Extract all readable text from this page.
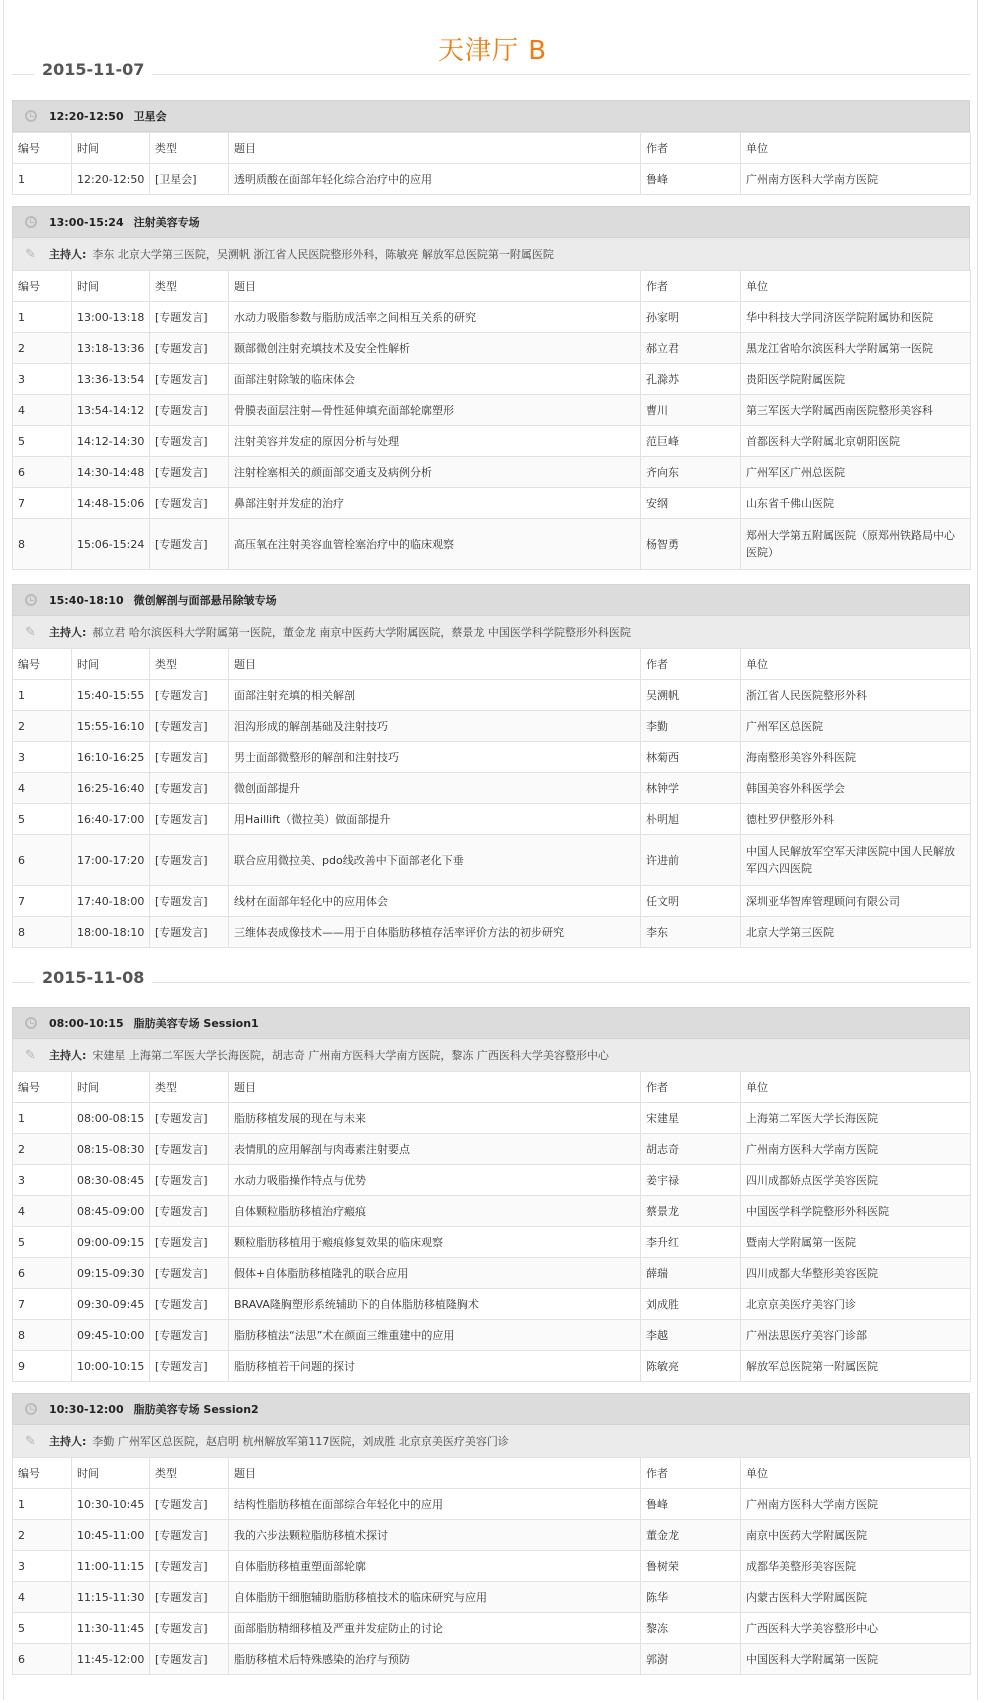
天津厅 B
2015-11-07
12:20-12:50 卫星会
编号	时间	类型	题目	作者	单位
1	12:20-12:50	[卫星会]	透明质酸在面部年轻化综合治疗中的应用	鲁峰	广州南方医科大学南方医院
13:00-15:24 注射美容专场
✎ 主持人: 李东 北京大学第三医院，吴溯帆 浙江省人民医院整形外科，陈敏亮 解放军总医院第一附属医院
编号	时间	类型	题目	作者	单位
1	13:00-13:18	[专题发言]	水动力吸脂参数与脂肪成活率之间相互关系的研究	孙家明	华中科技大学同济医学院附属协和医院
2	13:18-13:36	[专题发言]	颞部微创注射充填技术及安全性解析	郝立君	黑龙江省哈尔滨医科大学附属第一医院
3	13:36-13:54	[专题发言]	面部注射除皱的临床体会	孔滁苏	贵阳医学院附属医院
4	13:54-14:12	[专题发言]	骨膜表面层注射—骨性延伸填充面部轮廓塑形	曹川	第三军医大学附属西南医院整形美容科
5	14:12-14:30	[专题发言]	注射美容并发症的原因分析与处理	范巨峰	首都医科大学附属北京朝阳医院
6	14:30-14:48	[专题发言]	注射栓塞相关的颜面部交通支及病例分析	齐向东	广州军区广州总医院
7	14:48-15:06	[专题发言]	鼻部注射并发症的治疗	安纲	山东省千佛山医院
8	15:06-15:24	[专题发言]	高压氧在注射美容血管栓塞治疗中的临床观察	杨智勇	郑州大学第五附属医院（原郑州铁路局中心医院）
15:40-18:10 微创解剖与面部悬吊除皱专场
✎ 主持人: 郝立君 哈尔滨医科大学附属第一医院，董金龙 南京中医药大学附属医院，蔡景龙 中国医学科学院整形外科医院
编号	时间	类型	题目	作者	单位
1	15:40-15:55	[专题发言]	面部注射充填的相关解剖	吴溯帆	浙江省人民医院整形外科
2	15:55-16:10	[专题发言]	泪沟形成的解剖基础及注射技巧	李勤	广州军区总医院
3	16:10-16:25	[专题发言]	男士面部微整形的解剖和注射技巧	林菊西	海南整形美容外科医院
4	16:25-16:40	[专题发言]	微创面部提升	林钟学	韩国美容外科医学会
5	16:40-17:00	[专题发言]	用Haillift（微拉美）做面部提升	朴明旭	德杜罗伊整形外科
6	17:00-17:20	[专题发言]	联合应用微拉美、pdo线改善中下面部老化下垂	许进前	中国人民解放军空军天津医院中国人民解放军四六四医院
7	17:40-18:00	[专题发言]	线材在面部年轻化中的应用体会	任文明	深圳亚华智库管理顾问有限公司
8	18:00-18:10	[专题发言]	三维体表成像技术——用于自体脂肪移植存活率评价方法的初步研究	李东	北京大学第三医院
2015-11-08
08:00-10:15 脂肪美容专场 Session1
✎ 主持人: 宋建星 上海第二军医大学长海医院，胡志奇 广州南方医科大学南方医院，黎冻 广西医科大学美容整形中心
编号	时间	类型	题目	作者	单位
1	08:00-08:15	[专题发言]	脂肪移植发展的现在与未来	宋建星	上海第二军医大学长海医院
2	08:15-08:30	[专题发言]	表情肌的应用解剖与肉毒素注射要点	胡志奇	广州南方医科大学南方医院
3	08:30-08:45	[专题发言]	水动力吸脂操作特点与优势	姜宇禄	四川成都娇点医学美容医院
4	08:45-09:00	[专题发言]	自体颗粒脂肪移植治疗瘢痕	蔡景龙	中国医学科学院整形外科医院
5	09:00-09:15	[专题发言]	颗粒脂肪移植用于瘢痕修复效果的临床观察	李升红	暨南大学附属第一医院
6	09:15-09:30	[专题发言]	假体+自体脂肪移植隆乳的联合应用	薛瑞	四川成都大华整形美容医院
7	09:30-09:45	[专题发言]	BRAVA隆胸塑形系统辅助下的自体脂肪移植隆胸术	刘成胜	北京京美医疗美容门诊
8	09:45-10:00	[专题发言]	脂肪移植法“法思”术在颜面三维重建中的应用	李越	广州法思医疗美容门诊部
9	10:00-10:15	[专题发言]	脂肪移植若干问题的探讨	陈敏亮	解放军总医院第一附属医院
10:30-12:00 脂肪美容专场 Session2
✎ 主持人: 李勤 广州军区总医院，赵启明 杭州解放军第117医院，刘成胜 北京京美医疗美容门诊
编号	时间	类型	题目	作者	单位
1	10:30-10:45	[专题发言]	结构性脂肪移植在面部综合年轻化中的应用	鲁峰	广州南方医科大学南方医院
2	10:45-11:00	[专题发言]	我的六步法颗粒脂肪移植术探讨	董金龙	南京中医药大学附属医院
3	11:00-11:15	[专题发言]	自体脂肪移植重塑面部轮廓	鲁树荣	成都华美整形美容医院
4	11:15-11:30	[专题发言]	自体脂肪干细胞辅助脂肪移植技术的临床研究与应用	陈华	内蒙古医科大学附属医院
5	11:30-11:45	[专题发言]	面部脂肪精细移植及严重并发症防止的讨论	黎冻	广西医科大学美容整形中心
6	11:45-12:00	[专题发言]	脂肪移植术后特殊感染的治疗与预防	郭澍	中国医科大学附属第一医院
